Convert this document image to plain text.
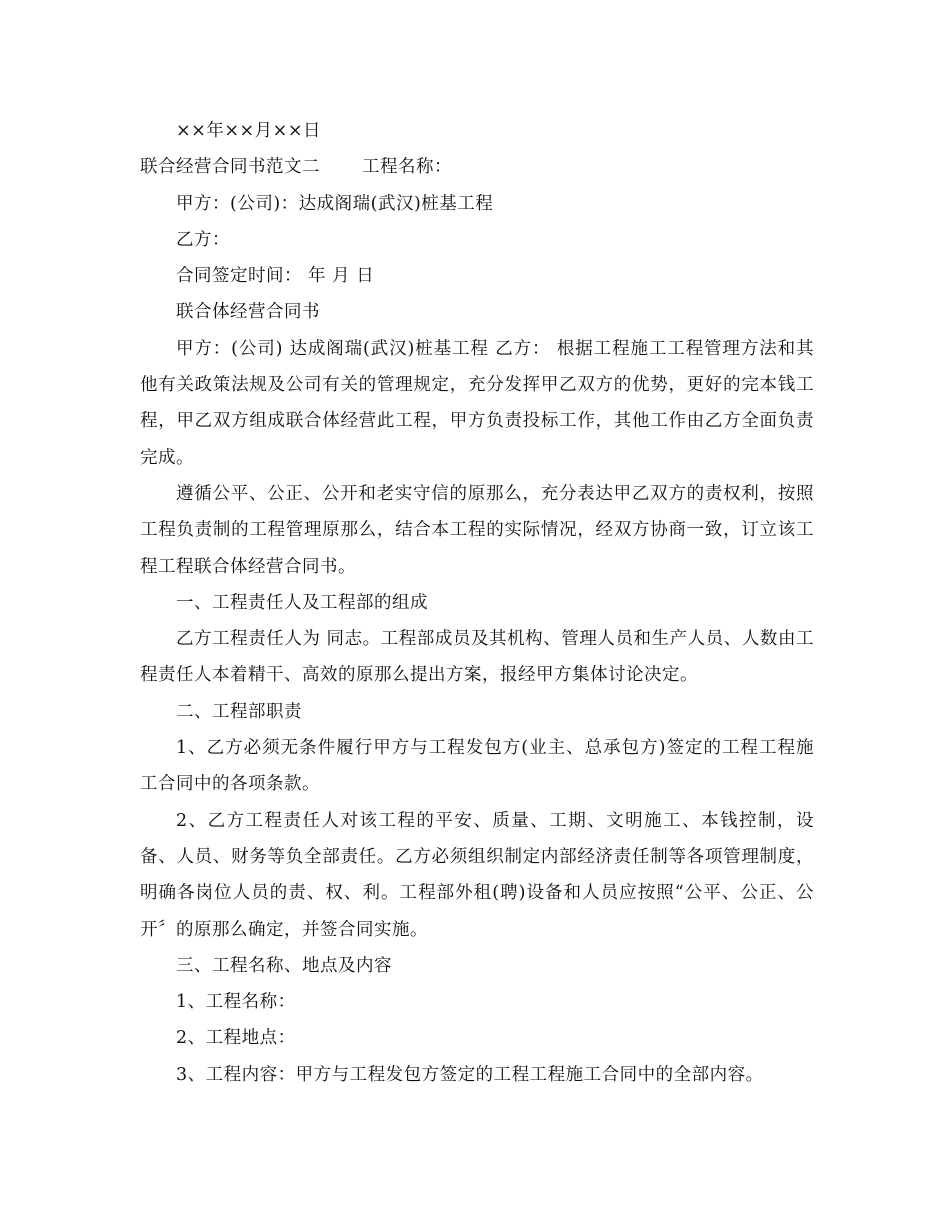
××年××月××日

联合经营合同书范文二 工程名称：

甲方：(公司)：达成阁瑞(武汉)桩基工程

乙方：

合同签定时间： 年 月 日

联合体经营合同书

甲方：(公司) 达成阁瑞(武汉)桩基工程 乙方： 根据工程施工工程管理方法和其他有关政策法规及公司有关的管理规定，充分发挥甲乙双方的优势，更好的完本钱工程，甲乙双方组成联合体经营此工程，甲方负责投标工作，其他工作由乙方全面负责完成。

遵循公平、公正、公开和老实守信的原那么，充分表达甲乙双方的责权利，按照工程负责制的工程管理原那么，结合本工程的实际情况，经双方协商一致，订立该工程工程联合体经营合同书。

一、工程责任人及工程部的组成

乙方工程责任人为 同志。工程部成员及其机构、管理人员和生产人员、人数由工程责任人本着精干、高效的原那么提出方案，报经甲方集体讨论决定。

二、工程部职责

1、乙方必须无条件履行甲方与工程发包方(业主、总承包方)签定的工程工程施工合同中的各项条款。

2、乙方工程责任人对该工程的平安、质量、工期、文明施工、本钱控制，设备、人员、财务等负全部责任。乙方必须组织制定内部经济责任制等各项管理制度，明确各岗位人员的责、权、利。工程部外租(聘)设备和人员应按照“公平、公正、公开〞的原那么确定，并签合同实施。

三、工程名称、地点及内容

1、工程名称：

2、工程地点：

3、工程内容：甲方与工程发包方签定的工程工程施工合同中的全部内容。
